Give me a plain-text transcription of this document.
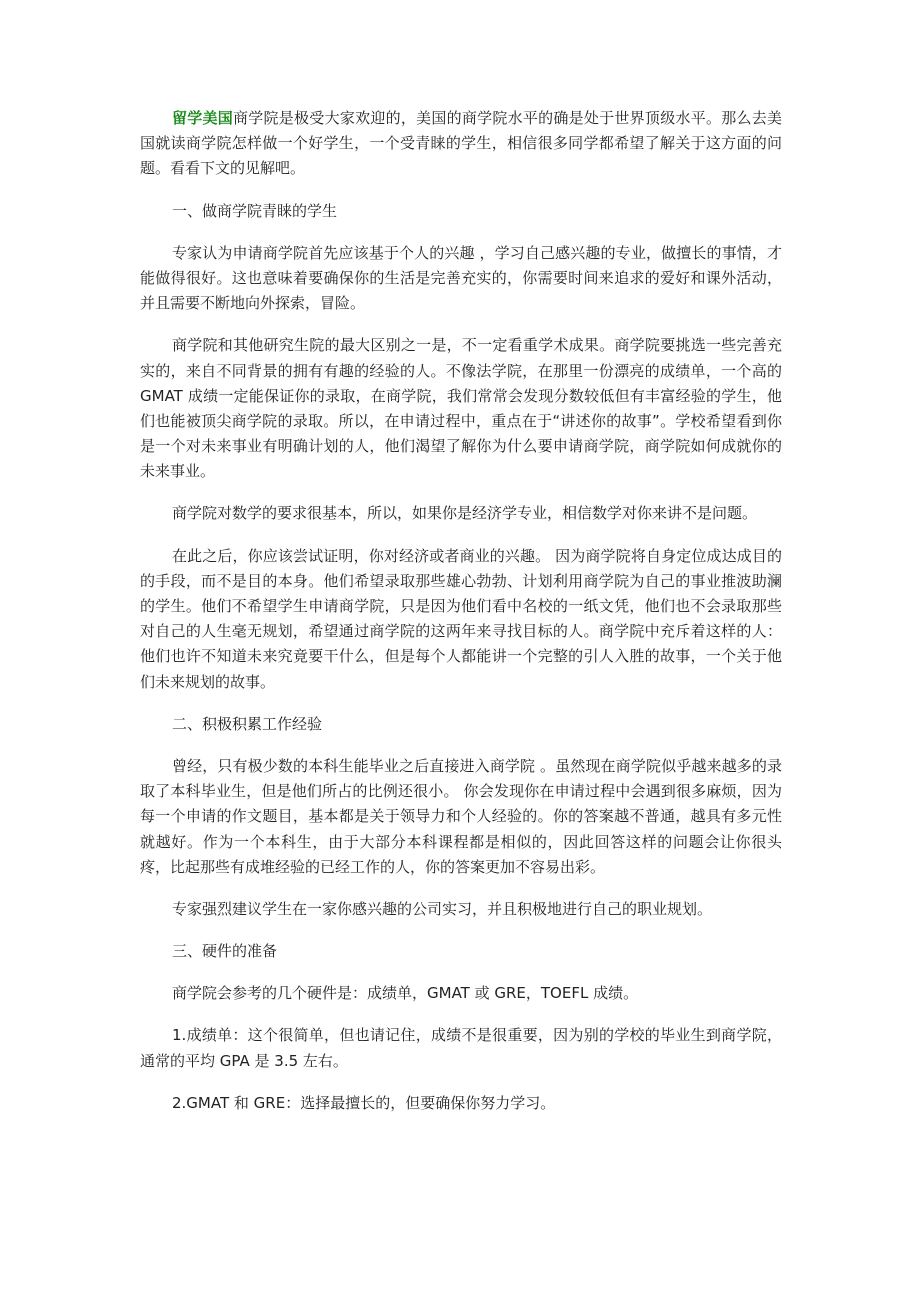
留学美国商学院是极受大家欢迎的，美国的商学院水平的确是处于世界顶级水平。那么去美国就读商学院怎样做一个好学生，一个受青睐的学生，相信很多同学都希望了解关于这方面的问题。看看下文的见解吧。

一、做商学院青睐的学生

专家认为申请商学院首先应该基于个人的兴趣 ，学习自己感兴趣的专业，做擅长的事情，才能做得很好。这也意味着要确保你的生活是完善充实的，你需要时间来追求的爱好和课外活动，并且需要不断地向外探索，冒险。

商学院和其他研究生院的最大区别之一是，不一定看重学术成果。商学院要挑选一些完善充实的，来自不同背景的拥有有趣的经验的人。不像法学院，在那里一份漂亮的成绩单，一个高的 GMAT 成绩一定能保证你的录取，在商学院，我们常常会发现分数较低但有丰富经验的学生，他们也能被顶尖商学院的录取。所以，在申请过程中，重点在于“讲述你的故事”。学校希望看到你是一个对未来事业有明确计划的人，他们渴望了解你为什么要申请商学院，商学院如何成就你的未来事业。

商学院对数学的要求很基本，所以，如果你是经济学专业，相信数学对你来讲不是问题。

在此之后，你应该尝试证明，你对经济或者商业的兴趣。 因为商学院将自身定位成达成目的的手段，而不是目的本身。他们希望录取那些雄心勃勃、计划利用商学院为自己的事业推波助澜的学生。他们不希望学生申请商学院，只是因为他们看中名校的一纸文凭，他们也不会录取那些对自己的人生毫无规划，希望通过商学院的这两年来寻找目标的人。商学院中充斥着这样的人：他们也许不知道未来究竟要干什么，但是每个人都能讲一个完整的引人入胜的故事，一个关于他们未来规划的故事。

二、积极积累工作经验

曾经，只有极少数的本科生能毕业之后直接进入商学院 。虽然现在商学院似乎越来越多的录取了本科毕业生，但是他们所占的比例还很小。 你会发现你在申请过程中会遇到很多麻烦，因为每一个申请的作文题目，基本都是关于领导力和个人经验的。你的答案越不普通，越具有多元性就越好。作为一个本科生，由于大部分本科课程都是相似的，因此回答这样的问题会让你很头疼，比起那些有成堆经验的已经工作的人，你的答案更加不容易出彩。

专家强烈建议学生在一家你感兴趣的公司实习，并且积极地进行自己的职业规划。

三、硬件的准备

商学院会参考的几个硬件是：成绩单，GMAT 或 GRE，TOEFL 成绩。

1.成绩单：这个很简单，但也请记住，成绩不是很重要，因为别的学校的毕业生到商学院，通常的平均 GPA 是 3.5 左右。

2.GMAT 和 GRE：选择最擅长的，但要确保你努力学习。
